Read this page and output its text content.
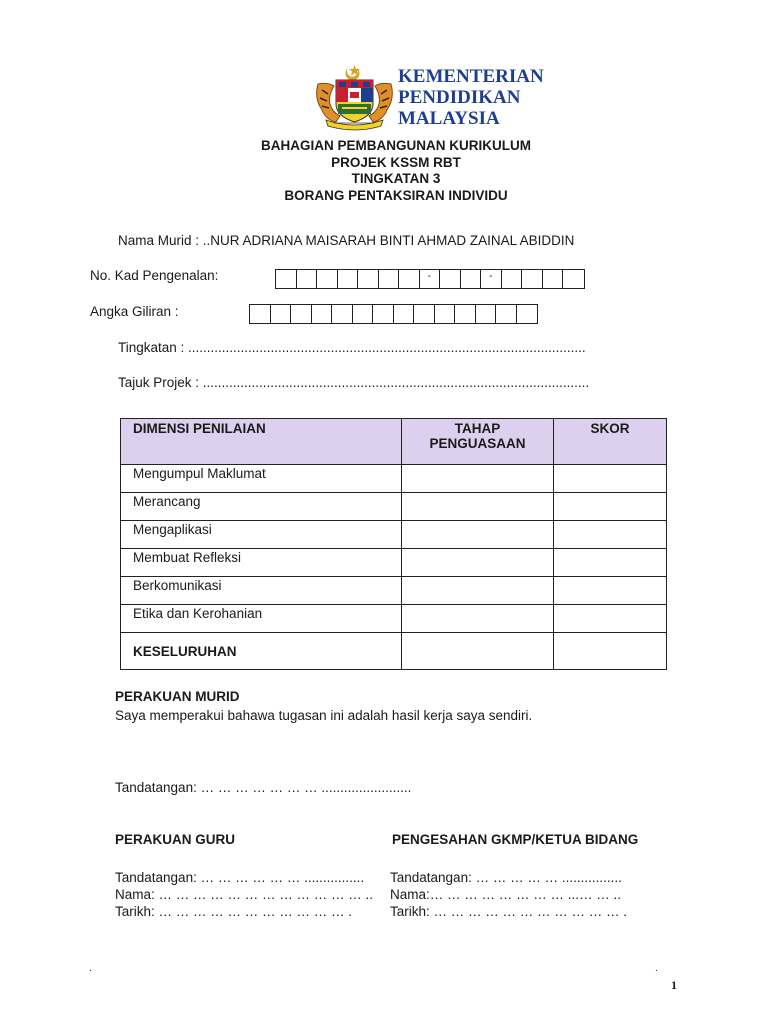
KEMENTERIAN
PENDIDIKAN
MALAYSIA
BAHAGIAN PEMBANGUNAN KURIKULUM
PROJEK KSSM RBT
TINGKATAN 3
BORANG PENTAKSIRAN INDIVIDU
Nama Murid : ..NUR ADRIANA MAISARAH BINTI AHMAD ZAINAL ABIDDIN
No. Kad Pengenalan:	-	-
Angka Giliran :
Tingkatan : ..........................................................................................................
Tajuk Projek : .......................................................................................................
DIMENSI PENILAIAN	TAHAP PENGUASAAN	SKOR
Mengumpul Maklumat		
Merancang		
Mengaplikasi		
Membuat Refleksi		
Berkomunikasi		
Etika dan Kerohanian		
KESELURUHAN		
PERAKUAN MURID
Saya memperakui bahawa tugasan ini adalah hasil kerja saya sendiri.
Tandatangan: … … … … … … … ........................
PERAKUAN GURU
Tandatangan: … … … … … … ................
Nama: … … … … … … … … … … … … ..
Tarikh: … … … … … … … … … … … .
PENGESAHAN GKMP/KETUA BIDANG
Tandatangan: … … … … … ................
Nama:… … … … … … … … ...… … ..
Tarikh: … … … … … … … … … … … .
.	.
1
